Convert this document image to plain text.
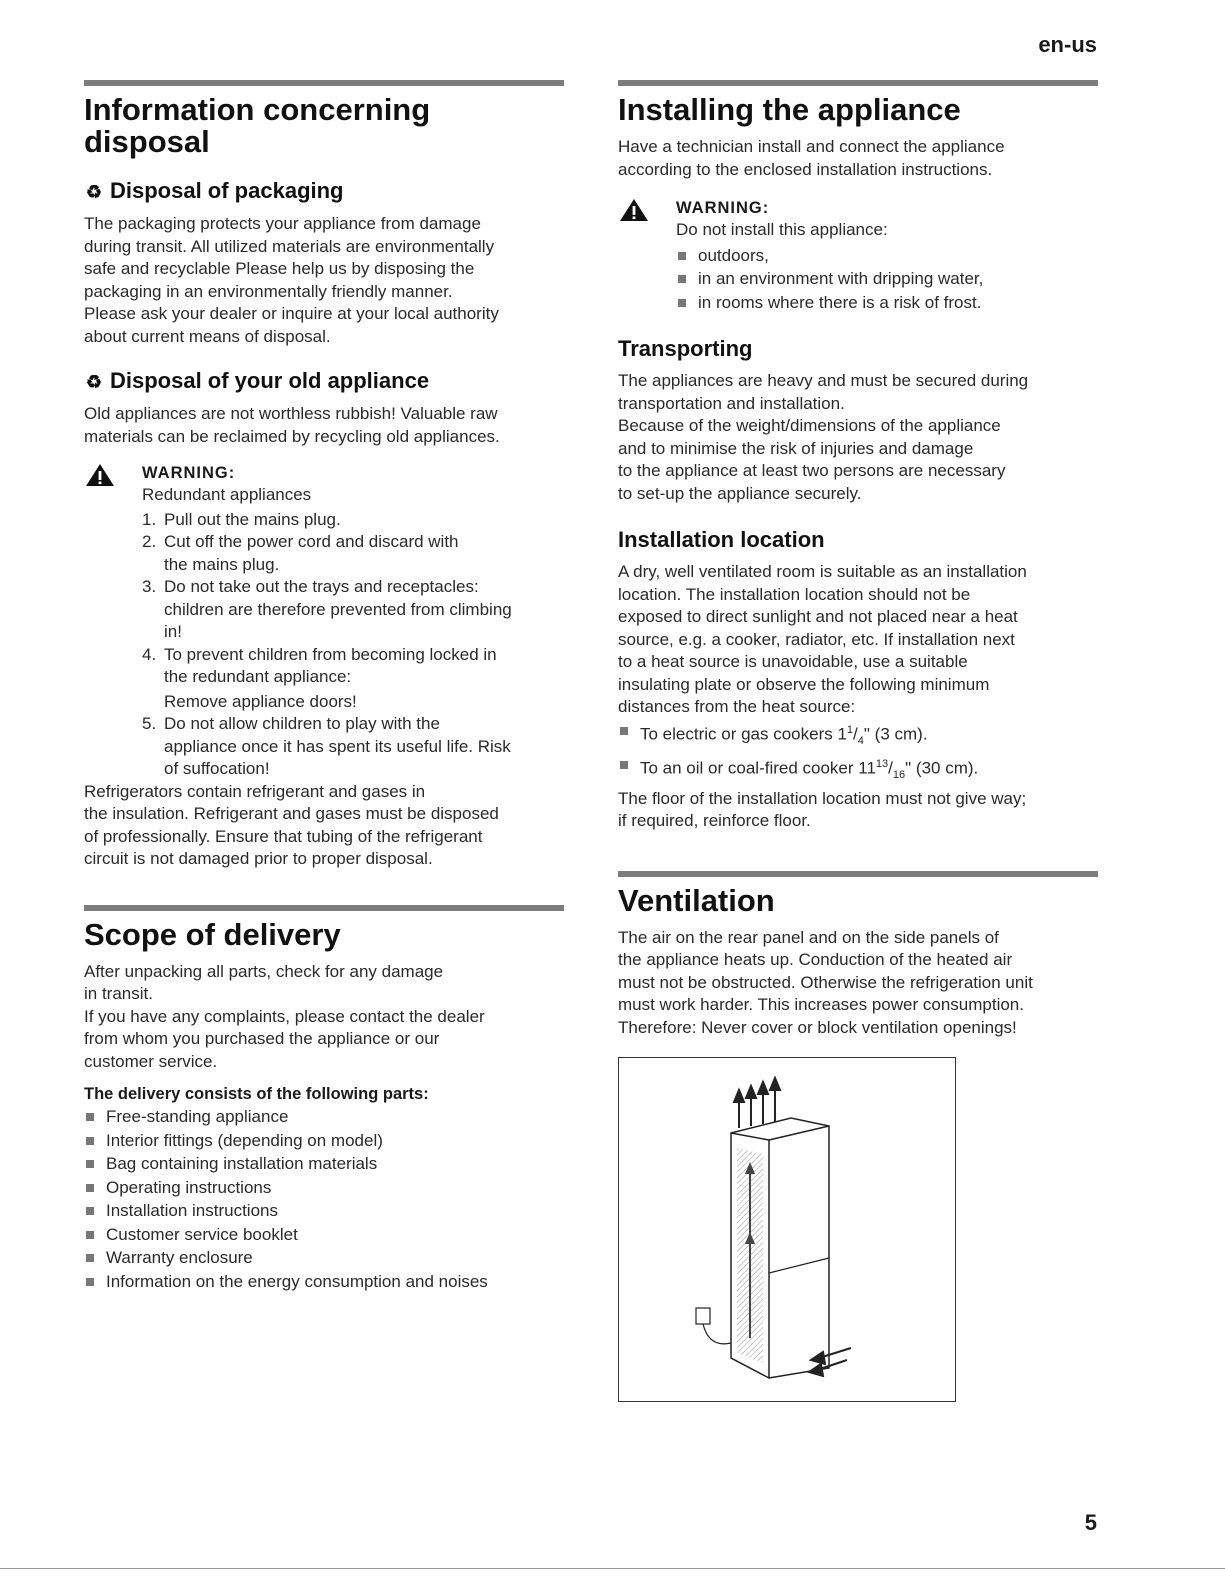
en-us
Information concerning
disposal
♻ Disposal of packaging

The packaging protects your appliance from damage

during transit. All utilized materials are environmentally

safe and recyclable Please help us by disposing the

packaging in an environmentally friendly manner.

Please ask your dealer or inquire at your local authority

about current means of disposal.

♻ Disposal of your old appliance

Old appliances are not worthless rubbish! Valuable raw

materials can be reclaimed by recycling old appliances.

WARNING:

Redundant appliances

1. Pull out the mains plug.
2. Cut off the power cord and discard with
the mains plug.
3. Do not take out the trays and receptacles:
children are therefore prevented from climbing
in!
4. To prevent children from becoming locked in
the redundant appliance:
Remove appliance doors!
5. Do not allow children to play with the
appliance once it has spent its useful life. Risk
of suffocation!

Refrigerators contain refrigerant and gases in

the insulation. Refrigerant and gases must be disposed

of professionally. Ensure that tubing of the refrigerant

circuit is not damaged prior to proper disposal.

Scope of delivery

After unpacking all parts, check for any damage

in transit.

If you have any complaints, please contact the dealer

from whom you purchased the appliance or our

customer service.

The delivery consists of the following parts:
Free-standing appliance
Interior fittings (depending on model)
Bag containing installation materials
Operating instructions
Installation instructions
Customer service booklet
Warranty enclosure
Information on the energy consumption and noises
Installing the appliance

Have a technician install and connect the appliance

according to the enclosed installation instructions.

WARNING:

Do not install this appliance:

outdoors,
in an environment with dripping water,
in rooms where there is a risk of frost.
Transporting

The appliances are heavy and must be secured during

transportation and installation.

Because of the weight/dimensions of the appliance

and to minimise the risk of injuries and damage

to the appliance at least two persons are necessary

to set-up the appliance securely.

Installation location

A dry, well ventilated room is suitable as an installation

location. The installation location should not be

exposed to direct sunlight and not placed near a heat

source, e.g. a cooker, radiator, etc. If installation next

to a heat source is unavoidable, use a suitable

insulating plate or observe the following minimum

distances from the heat source:

To electric or gas cookers $1^1/_4$" (3 cm).
To an oil or coal-fired cooker $11^{13}/_{16}$" (30 cm).

The floor of the installation location must not give way;

if required, reinforce floor.

Ventilation

The air on the rear panel and on the side panels of

the appliance heats up. Conduction of the heated air

must not be obstructed. Otherwise the refrigeration unit

must work harder. This increases power consumption.

Therefore: Never cover or block ventilation openings!

5
